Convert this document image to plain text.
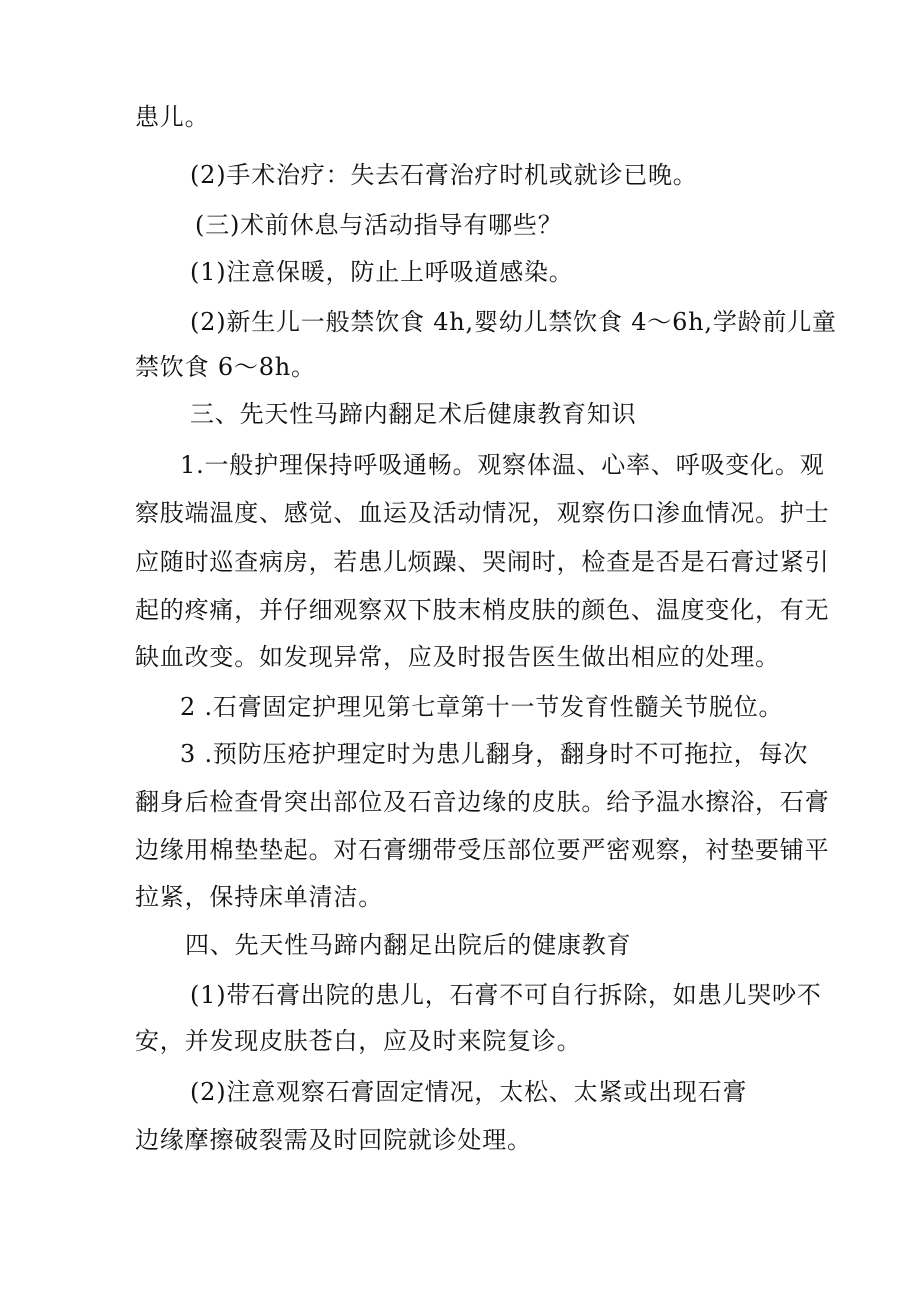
患儿。
(2)手术治疗：失去石膏治疗时机或就诊已晚。
(三)术前休息与活动指导有哪些？
(1)注意保暖，防止上呼吸道感染。
(2)新生儿一般禁饮食 4h,婴幼儿禁饮食 4～6h,学龄前儿童
禁饮食 6～8h。
三、先天性马蹄内翻足术后健康教育知识
1.一般护理保持呼吸通畅。观察体温、心率、呼吸变化。观
察肢端温度、感觉、血运及活动情况，观察伤口渗血情况。护士
应随时巡查病房，若患儿烦躁、哭闹时，检查是否是石膏过紧引
起的疼痛，并仔细观察双下肢末梢皮肤的颜色、温度变化，有无
缺血改变。如发现异常，应及时报告医生做出相应的处理。
2 .石膏固定护理见第七章第十一节发育性髓关节脱位。
3 .预防压疮护理定时为患儿翻身，翻身时不可拖拉，每次
翻身后检查骨突出部位及石音边缘的皮肤。给予温水擦浴，石膏
边缘用棉垫垫起。对石膏绷带受压部位要严密观察，衬垫要铺平
拉紧，保持床单清洁。
四、先天性马蹄内翻足出院后的健康教育
(1)带石膏出院的患儿，石膏不可自行拆除，如患儿哭吵不
安，并发现皮肤苍白，应及时来院复诊。
(2)注意观察石膏固定情况，太松、太紧或出现石膏
边缘摩擦破裂需及时回院就诊处理。
